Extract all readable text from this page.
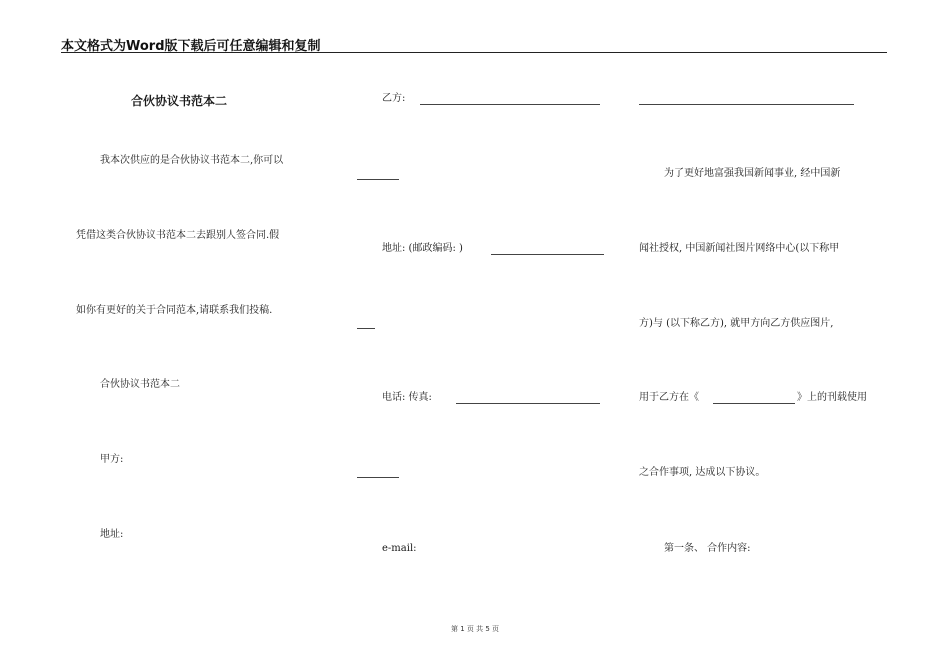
本文格式为Word版下载后可任意编辑和复制
合伙协议书范本二
我本次供应的是合伙协议书范本二,你可以
凭借这类合伙协议书范本二去跟别人签合同.假
如你有更好的关于合同范本,请联系我们投稿.
合伙协议书范本二
甲方:
地址:
乙方:
地址: (邮政编码: )
电话: 传真:
e-mail:
为了更好地富强我国新闻事业, 经中国新
闻社授权, 中国新闻社图片网络中心(以下称甲
方)与 (以下称乙方), 就甲方向乙方供应图片,
用于乙方在《	》上的刊载使用
之合作事项, 达成以下协议。
第一条、 合作内容:
第 1 页 共 5 页
